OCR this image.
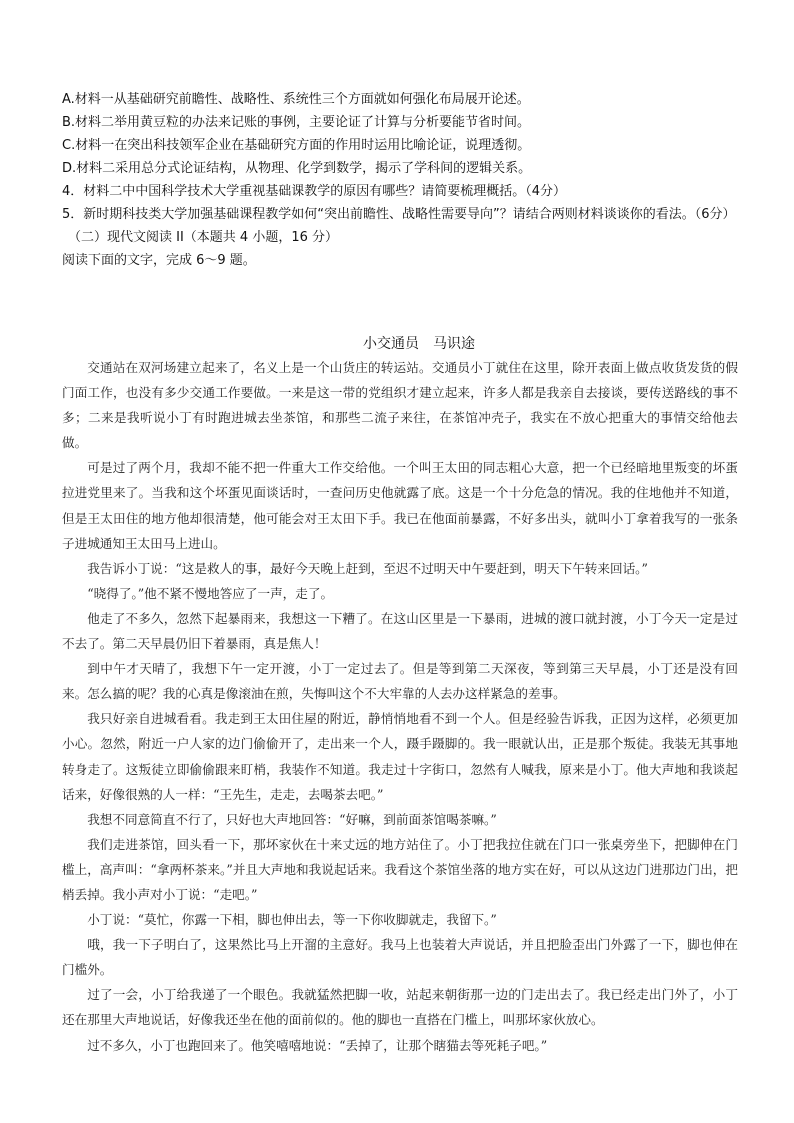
A.材料一从基础研究前瞻性、战略性、系统性三个方面就如何强化布局展开论述。

B.材料二举用黄豆粒的办法来记账的事例，主要论证了计算与分析要能节省时间。

C.材料一在突出科技领军企业在基础研究方面的作用时运用比喻论证，说理透彻。

D.材料二采用总分式论证结构，从物理、化学到数学，揭示了学科间的逻辑关系。

4．材料二中中国科学技术大学重视基础课教学的原因有哪些？请简要梳理概括。（4分）

5．新时期科技类大学加强基础课程教学如何“突出前瞻性、战略性需要导向”？请结合两则材料谈谈你的看法。（6分）

（二）现代文阅读 II（本题共 4 小题，16 分）

阅读下面的文字，完成 6～9 题。

小交通员　马识途

交通站在双河场建立起来了，名义上是一个山货庄的转运站。交通员小丁就住在这里，除开表面上做点收货发货的假门面工作，也没有多少交通工作要做。一来是这一带的党组织才建立起来，许多人都是我亲自去接谈，要传送路线的事不多；二来是我听说小丁有时跑进城去坐茶馆，和那些二流子来往，在茶馆冲壳子，我实在不放心把重大的事情交给他去做。

可是过了两个月，我却不能不把一件重大工作交给他。一个叫王太田的同志粗心大意，把一个已经暗地里叛变的坏蛋拉进党里来了。当我和这个坏蛋见面谈话时，一查问历史他就露了底。这是一个十分危急的情况。我的住地他并不知道，但是王太田住的地方他却很清楚，他可能会对王太田下手。我已在他面前暴露，不好多出头，就叫小丁拿着我写的一张条子进城通知王太田马上进山。

我告诉小丁说：“这是救人的事，最好今天晚上赶到，至迟不过明天中午要赶到，明天下午转来回话。”

“晓得了。”他不紧不慢地答应了一声，走了。

他走了不多久，忽然下起暴雨来，我想这一下糟了。在这山区里是一下暴雨，进城的渡口就封渡，小丁今天一定是过不去了。第二天早晨仍旧下着暴雨，真是焦人！

到中午才天晴了，我想下午一定开渡，小丁一定过去了。但是等到第二天深夜，等到第三天早晨，小丁还是没有回来。怎么搞的呢？我的心真是像滚油在煎，失悔叫这个不大牢靠的人去办这样紧急的差事。

我只好亲自进城看看。我走到王太田住屋的附近，静悄悄地看不到一个人。但是经验告诉我，正因为这样，必须更加小心。忽然，附近一户人家的边门偷偷开了，走出来一个人，蹑手蹑脚的。我一眼就认出，正是那个叛徒。我装无其事地转身走了。这叛徒立即偷偷跟来盯梢，我装作不知道。我走过十字街口，忽然有人喊我，原来是小丁。他大声地和我谈起话来，好像很熟的人一样：“王先生，走走，去喝茶去吧。”

我想不同意简直不行了，只好也大声地回答：“好嘛，到前面茶馆喝茶嘛。”

我们走进茶馆，回头看一下，那坏家伙在十来丈远的地方站住了。小丁把我拉住就在门口一张桌旁坐下，把脚伸在门槛上，高声叫：“拿两杯茶来。”并且大声地和我说起话来。我看这个茶馆坐落的地方实在好，可以从这边门进那边门出，把梢丢掉。我小声对小丁说：“走吧。”

小丁说：“莫忙，你露一下相，脚也伸出去，等一下你收脚就走，我留下。”

哦，我一下子明白了，这果然比马上开溜的主意好。我马上也装着大声说话，并且把脸歪出门外露了一下，脚也伸在门槛外。

过了一会，小丁给我递了一个眼色。我就猛然把脚一收，站起来朝街那一边的门走出去了。我已经走出门外了，小丁还在那里大声地说话，好像我还坐在他的面前似的。他的脚也一直搭在门槛上，叫那坏家伙放心。

过不多久，小丁也跑回来了。他笑嘻嘻地说：“丢掉了，让那个瞎猫去等死耗子吧。”
